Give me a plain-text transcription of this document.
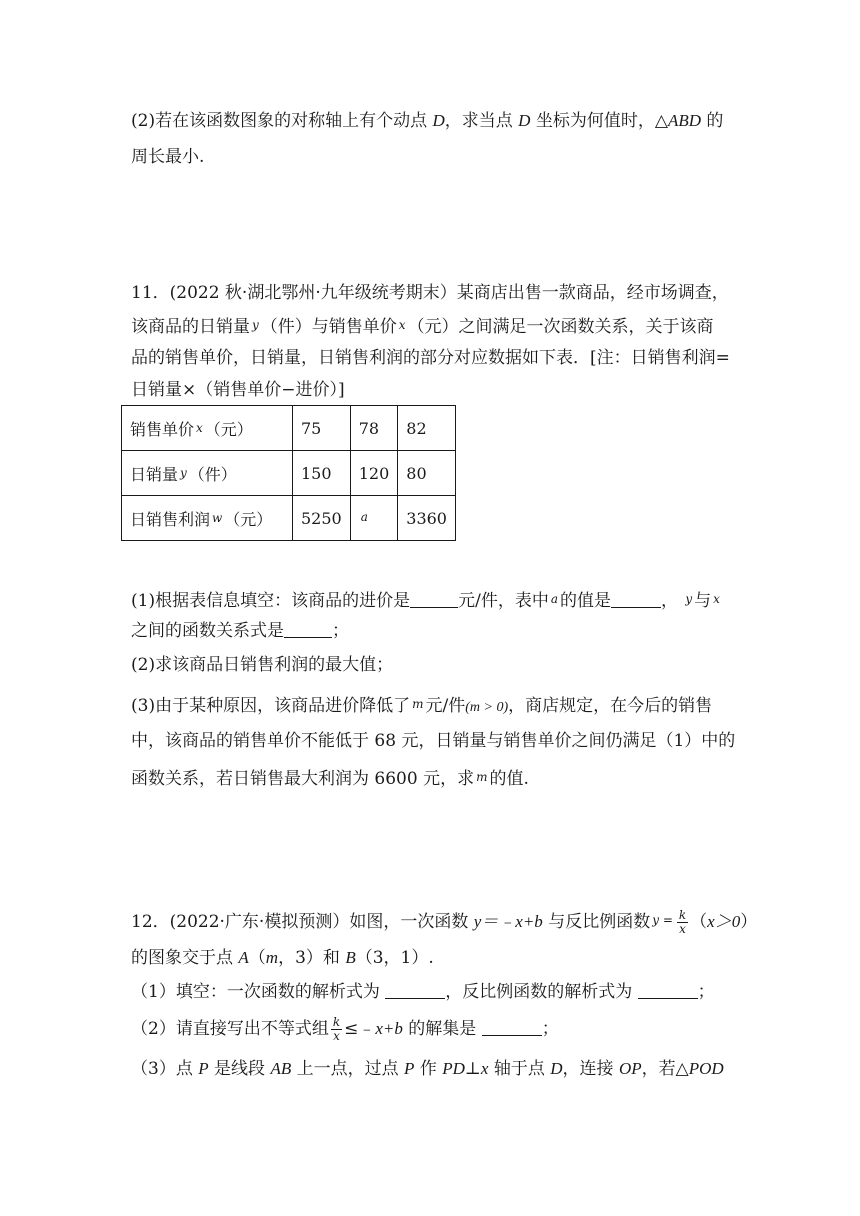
(2)若在该函数图象的对称轴上有个动点 D，求当点 D 坐标为何值时，△ABD 的
周长最小.
11．(2022 秋·湖北鄂州·九年级统考期末）某商店出售一款商品，经市场调查，
该商品的日销量 y （件）与销售单价 x （元）之间满足一次函数关系，关于该商
品的销售单价，日销量，日销售利润的部分对应数据如下表．[注：日销售利润=
日销量×（销售单价−进价）]
销售单价 x （元）	75	78	82
日销量 y （件）	150	120	80
日销售利润 w （元）	5250	a	3360
(1)根据表信息填空：该商品的进价是	元/件，表中 a 的值是	， y 与 x
之间的函数关系式是	；
(2)求该商品日销售利润的最大值；
(3)由于某种原因，该商品进价降低了 m 元/件(m > 0)，商店规定，在今后的销售
中，该商品的销售单价不能低于 68 元，日销量与销售单价之间仍满足（1）中的
函数关系，若日销售最大利润为 6600 元，求 m 的值.
12．(2022·广东·模拟预测）如图，一次函数 y＝﹣x+b 与反比例函数 $y = \frac{k}{x} (x>0)$
的图象交于点 A（m，3）和 B（3，1）.
（1）填空：一次函数的解析式为	，反比例函数的解析式为	；
（2）请直接写出不等式组 $\frac{k}{x}$ ≤﹣x+b 的解集是	；
（3）点 P 是线段 AB 上一点，过点 P 作 PD⊥x 轴于点 D，连接 OP，若△POD
